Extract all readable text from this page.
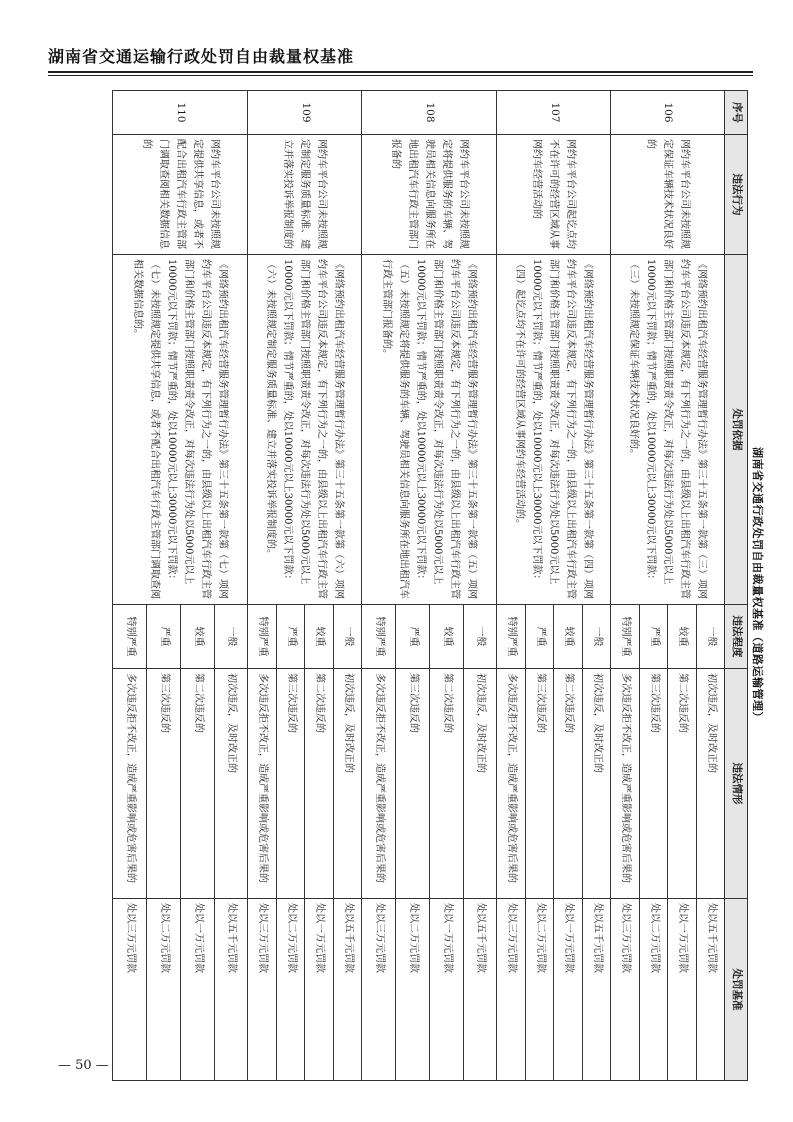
湖南省交通运输行政处罚自由裁量权基准
湖南省交通行政处罚自由裁量权基准（道路运输管理）
序号	违法行为	处罚依据	违法程度	违法情形	处罚基准
106	网约车平台公司未按照规定保证车辆技术状况良好的	《网络预约出租汽车经营服务管理暂行办法》第三十五条第一款第（三）项网约车平台公司违反本规定，有下列行为之一的，由县级以上出租汽车行政主管部门和价格主管部门按照职责责令改正，对每次违法行为处以5000元以上10000元以下罚款；情节严重的，处以10000元以上30000元以下罚款：
（三）未按照规定保证车辆技术状况良好的。	一般	初次违反，及时改正的	处以五千元罚款
			较重	第二次违反的	处以一万元罚款
			严重	第三次违反的	处以二万元罚款
			特别严重	多次违反拒不改正，造成严重影响或危害后果的	处以三万元罚款
107	网约车平台公司起讫点均不在许可的经营区域从事网约车经营活动的	《网络预约出租汽车经营服务管理暂行办法》第三十五条第一款第（四）项网约车平台公司违反本规定，有下列行为之一的，由县级以上出租汽车行政主管部门和价格主管部门按照职责责令改正，对每次违法行为处以5000元以上10000元以下罚款；情节严重的，处以10000元以上30000元以下罚款：
（四）起讫点均不在许可的经营区域从事网约车经营活动的。	一般	初次违反，及时改正的	处以五千元罚款
			较重	第二次违反的	处以一万元罚款
			严重	第三次违反的	处以二万元罚款
			特别严重	多次违反拒不改正，造成严重影响或危害后果的	处以三万元罚款
108	网约车平台公司未按照规定将提供服务的车辆、驾驶员相关信息向服务所在地出租汽车行政主管部门报备的	《网络预约出租汽车经营服务管理暂行办法》第三十五条第一款第（五）项网约车平台公司违反本规定，有下列行为之一的，由县级以上出租汽车行政主管部门和价格主管部门按照职责责令改正，对每次违法行为处以5000元以上10000元以下罚款；情节严重的，处以10000元以上30000元以下罚款：
（五）未按照规定将提供服务的车辆、驾驶员相关信息向服务所在地出租汽车行政主管部门报备的。	一般	初次违反，及时改正的	处以五千元罚款
			较重	第二次违反的	处以一万元罚款
			严重	第三次违反的	处以二万元罚款
			特别严重	多次违反拒不改正，造成严重影响或危害后果的	处以三万元罚款
109	网约车平台公司未按照规定制定服务质量标准、建立并落实投诉举报制度的	《网络预约出租汽车经营服务管理暂行办法》第三十五条第一款第（六）项网约车平台公司违反本规定，有下列行为之一的，由县级以上出租汽车行政主管部门和价格主管部门按照职责责令改正，对每次违法行为处以5000元以上10000元以下罚款；情节严重的，处以10000元以上30000元以下罚款：
（六）未按照规定制定服务质量标准、建立并落实投诉举报制度的。	一般	初次违反，及时改正的	处以五千元罚款
			较重	第二次违反的	处以一万元罚款
			严重	第三次违反的	处以二万元罚款
			特别严重	多次违反拒不改正，造成严重影响或危害后果的	处以三万元罚款
110	网约车平台公司未按照规定提供共享信息，或者不配合出租汽车行政主管部门调取查阅相关数据信息的	《网络预约出租汽车经营服务管理暂行办法》第三十五条第一款第（七）项网约车平台公司违反本规定，有下列行为之一的，由县级以上出租汽车行政主管部门和价格主管部门按照职责责令改正，对每次违法行为处以5000元以上10000元以下罚款；情节严重的，处以10000元以上30000元以下罚款：
（七）未按照规定提供共享信息，或者不配合出租汽车行政主管部门调取查阅相关数据信息的。	一般	初次违反，及时改正的	处以五千元罚款
			较重	第二次违反的	处以一万元罚款
			严重	第三次违反的	处以二万元罚款
			特别严重	多次违反拒不改正，造成严重影响或危害后果的	处以三万元罚款
— 50 —
